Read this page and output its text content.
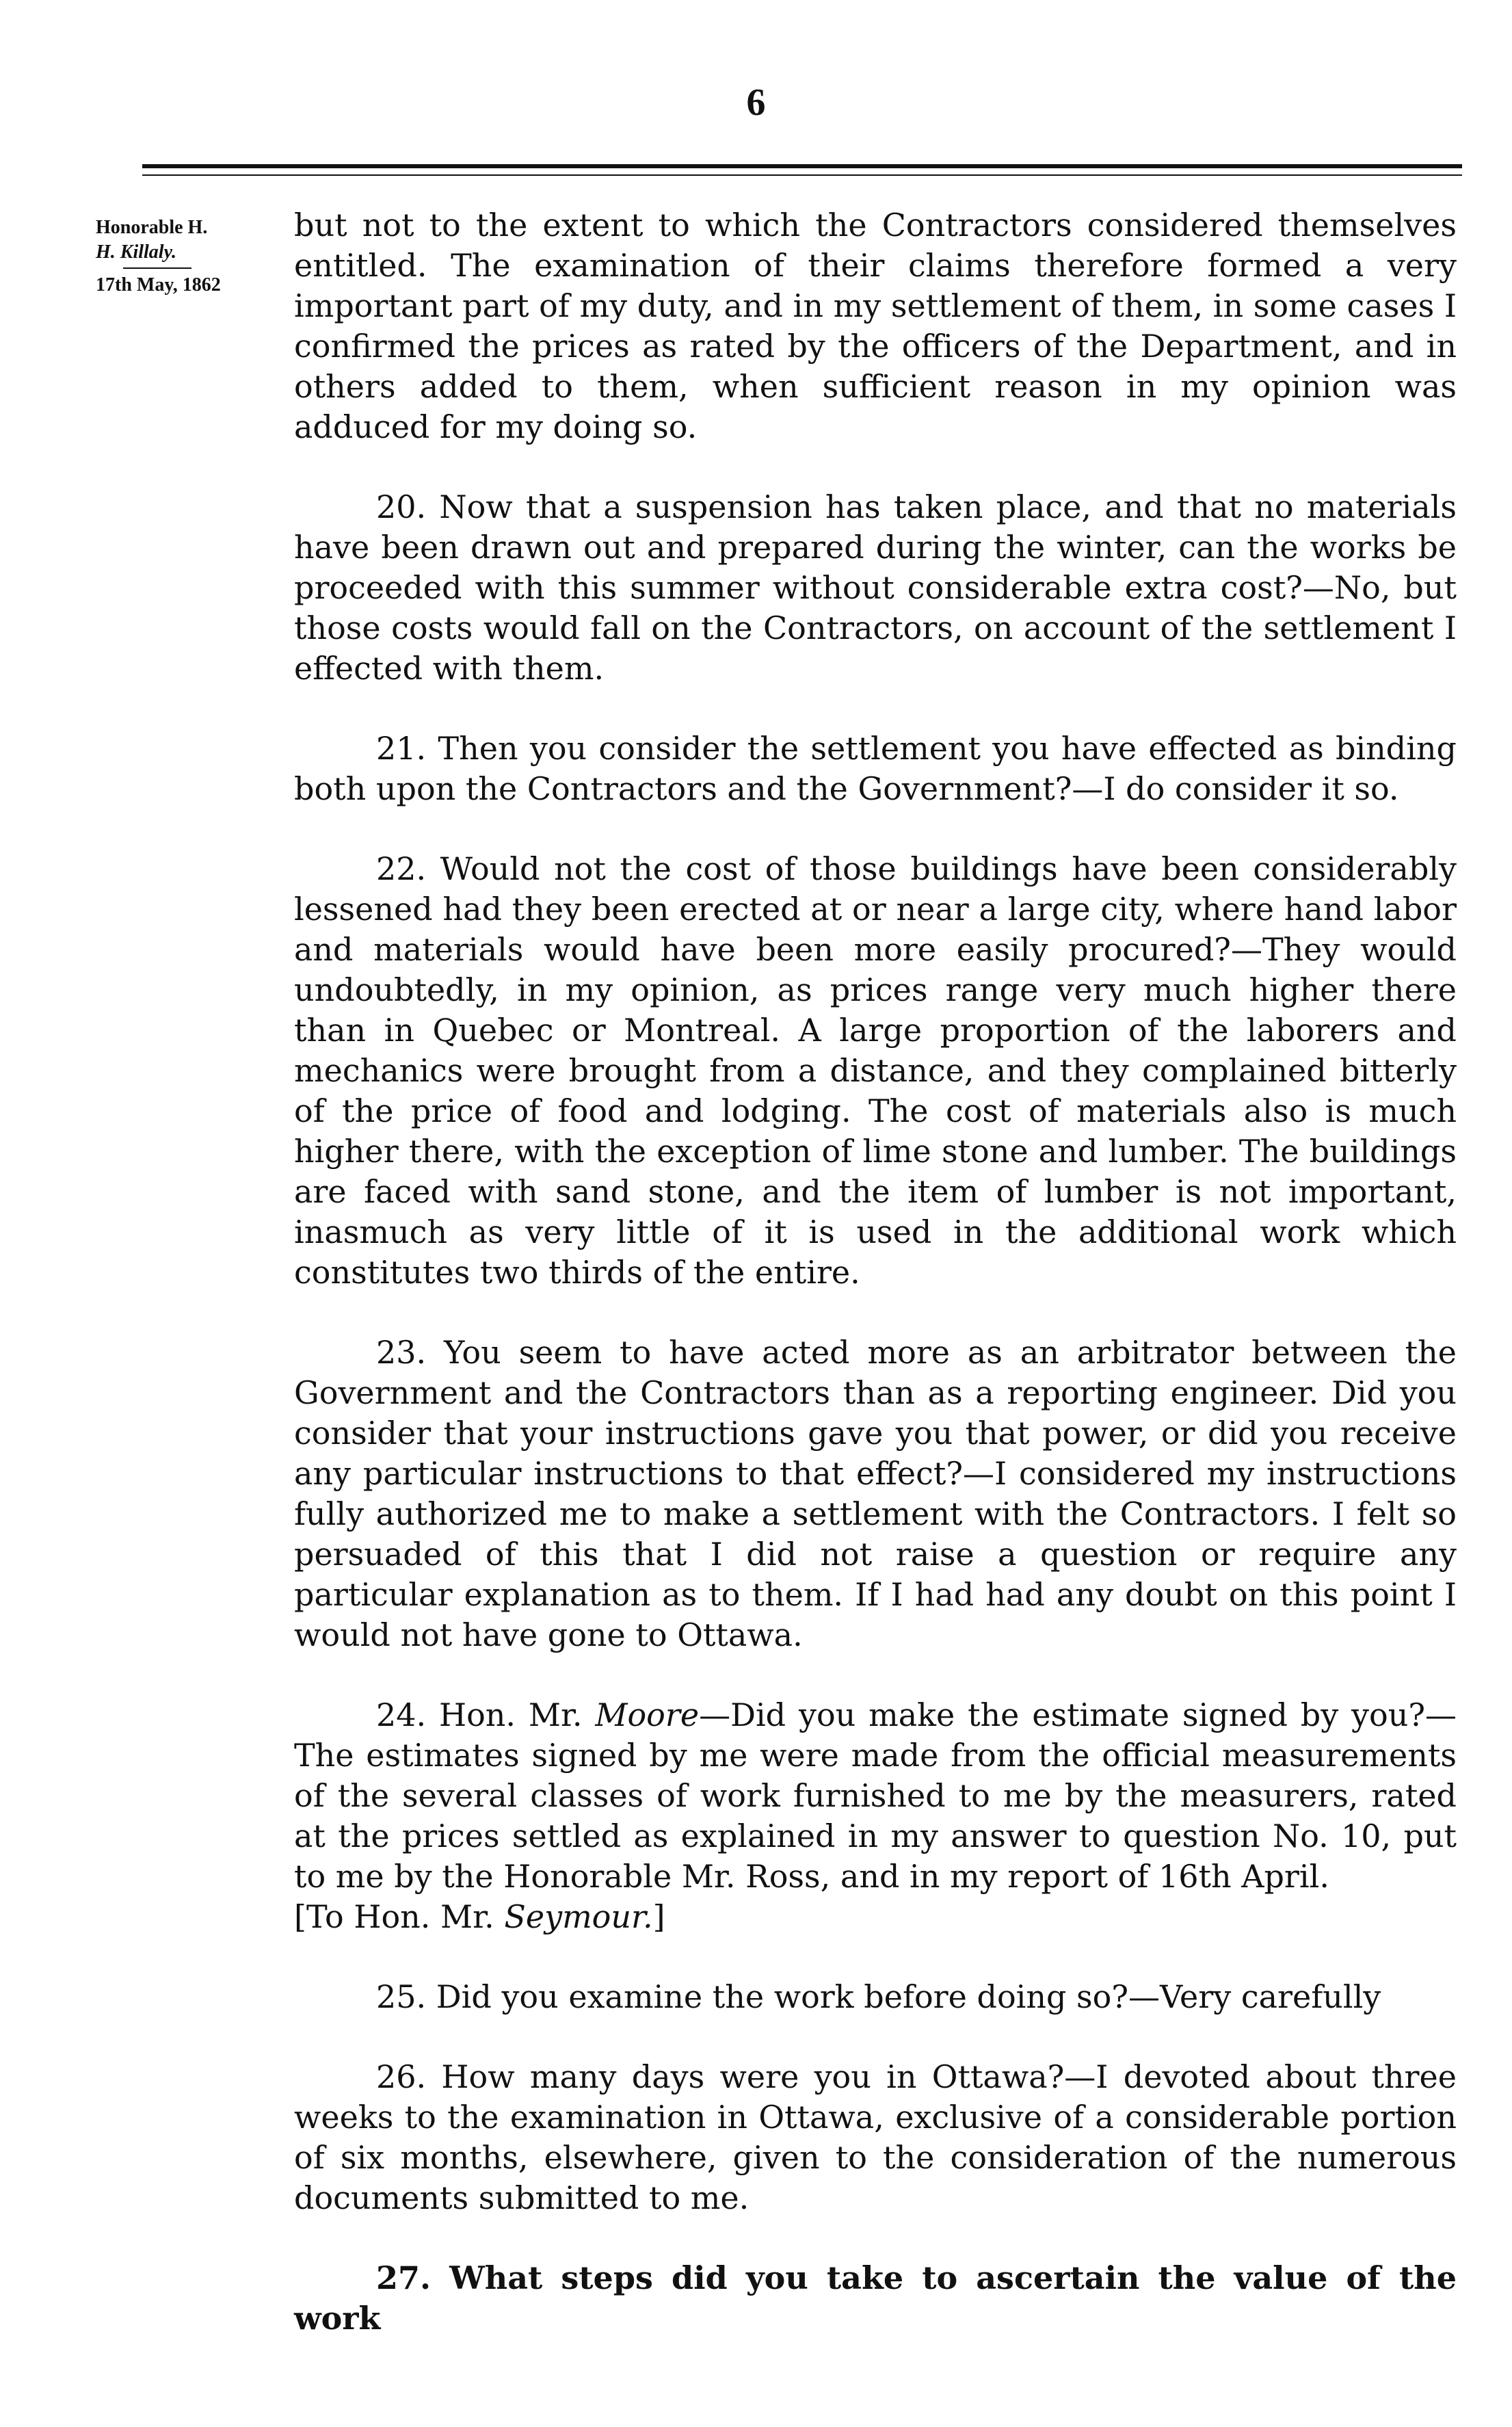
6
Honorable H.
H. Killaly.
17th May, 1862

but not to the extent to which the Contractors considered themselves entitled. The examination of their claims therefore formed a very important part of my duty, and in my settlement of them, in some cases I confirmed the prices as rated by the officers of the Department, and in others added to them, when sufficient reason in my opinion was adduced for my doing so.

20. Now that a suspension has taken place, and that no materials have been drawn out and prepared during the winter, can the works be proceeded with this summer without considerable extra cost?—No, but those costs would fall on the Contractors, on account of the settlement I effected with them.

21. Then you consider the settlement you have effected as binding both upon the Contractors and the Government?—I do consider it so.

22. Would not the cost of those buildings have been considerably lessened had they been erected at or near a large city, where hand labor and materials would have been more easily procured?—They would undoubtedly, in my opinion, as prices range very much higher there than in Quebec or Montreal. A large proportion of the laborers and mechanics were brought from a distance, and they complained bitterly of the price of food and lodging. The cost of materials also is much higher there, with the exception of lime stone and lumber. The buildings are faced with sand stone, and the item of lumber is not important, inasmuch as very little of it is used in the additional work which constitutes two thirds of the entire.

23. You seem to have acted more as an arbitrator between the Government and the Contractors than as a reporting engineer. Did you consider that your instructions gave you that power, or did you receive any particular instructions to that effect?—I considered my instructions fully authorized me to make a settlement with the Contractors. I felt so persuaded of this that I did not raise a question or require any particular explanation as to them. If I had had any doubt on this point I would not have gone to Ottawa.

24. Hon. Mr. Moore—Did you make the estimate signed by you?—The estimates signed by me were made from the official measurements of the several classes of work furnished to me by the measurers, rated at the prices settled as explained in my answer to question No. 10, put to me by the Honorable Mr. Ross, and in my report of 16th April.
[To Hon. Mr. Seymour.]

25. Did you examine the work before doing so?—Very carefully

26. How many days were you in Ottawa?—I devoted about three weeks to the examination in Ottawa, exclusive of a considerable portion of six months, elsewhere, given to the consideration of the numerous documents submitted to me.

27. What steps did you take to ascertain the value of the work
